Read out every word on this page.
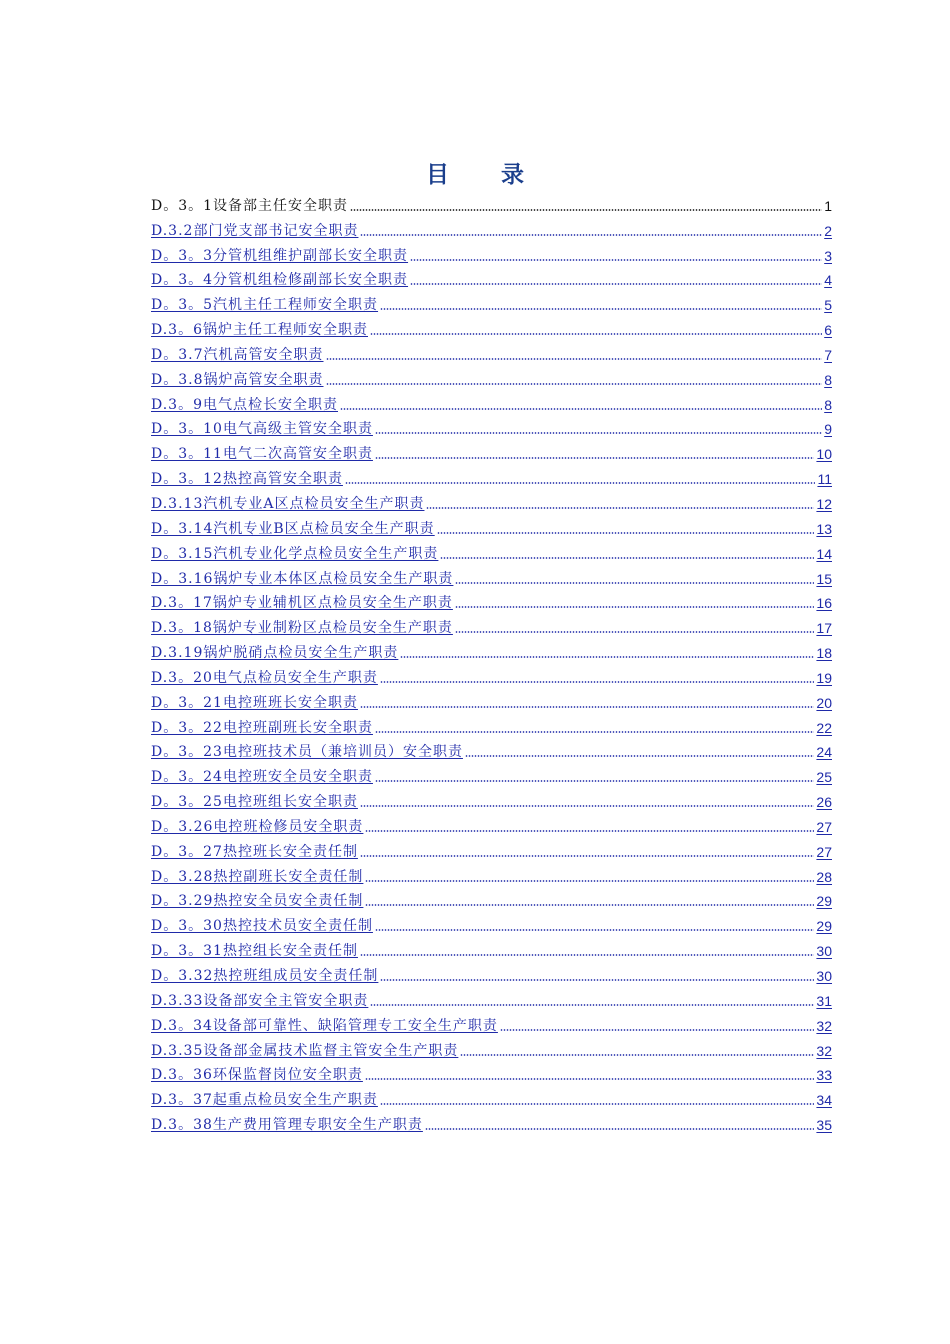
目 录
D。3。1设备部主任安全职责	1
D.3.2部门党支部书记安全职责	2
D。3。3分管机组维护副部长安全职责	3
D。3。4分管机组检修副部长安全职责	4
D。3。5汽机主任工程师安全职责	5
D.3。6锅炉主任工程师安全职责	6
D。3.7汽机高管安全职责	7
D。3.8锅炉高管安全职责	8
D.3。9电气点检长安全职责	8
D。3。10电气高级主管安全职责	9
D。3。11电气二次高管安全职责	10
D。3。12热控高管安全职责	11
D.3.13汽机专业A区点检员安全生产职责	12
D。3.14汽机专业B区点检员安全生产职责	13
D。3.15汽机专业化学点检员安全生产职责	14
D。3.16锅炉专业本体区点检员安全生产职责	15
D.3。17锅炉专业辅机区点检员安全生产职责	16
D.3。18锅炉专业制粉区点检员安全生产职责	17
D.3.19锅炉脱硝点检员安全生产职责	18
D.3。20电气点检员安全生产职责	19
D。3。21电控班班长安全职责	20
D。3。22电控班副班长安全职责	22
D。3。23电控班技术员（兼培训员）安全职责	24
D。3。24电控班安全员安全职责	25
D。3。25电控班组长安全职责	26
D。3.26电控班检修员安全职责	27
D。3。27热控班长安全责任制	27
D。3.28热控副班长安全责任制	28
D。3.29热控安全员安全责任制	29
D。3。30热控技术员安全责任制	29
D。3。31热控组长安全责任制	30
D。3.32热控班组成员安全责任制	30
D.3.33设备部安全主管安全职责	31
D.3。34设备部可靠性、缺陷管理专工安全生产职责	32
D.3.35设备部金属技术监督主管安全生产职责	32
D.3。36环保监督岗位安全职责	33
D.3。37起重点检员安全生产职责	34
D.3。38生产费用管理专职安全生产职责	35
